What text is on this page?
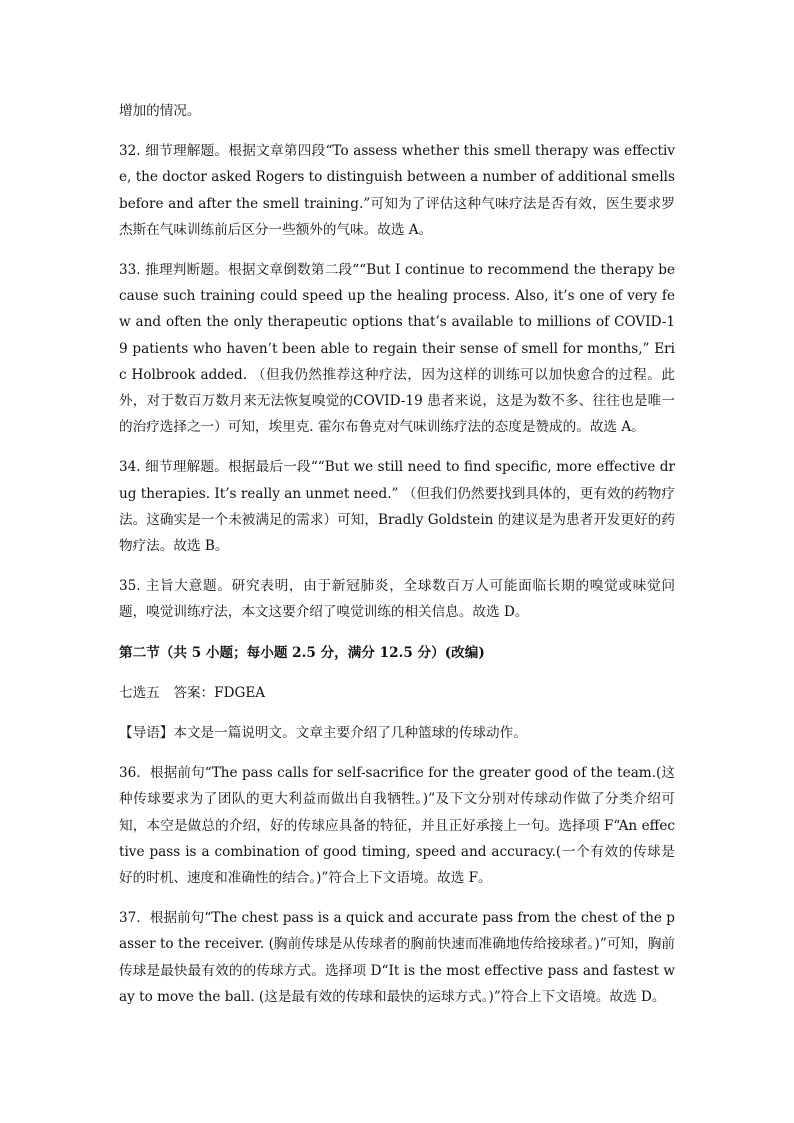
增加的情况。

32. 细节理解题。根据文章第四段“To assess whether this smell therapy was effective, the doctor asked Rogers to distinguish between a number of additional smells before and after the smell training.”可知为了评估这种气味疗法是否有效，医生要求罗杰斯在气味训练前后区分一些额外的气味。故选 A。

33. 推理判断题。根据文章倒数第二段““But I continue to recommend the therapy because such training could speed up the healing process. Also, it’s one of very few and often the only therapeutic options that’s available to millions of COVID-19 patients who haven’t been able to regain their sense of smell for months,” Eric Holbrook added. （但我仍然推荐这种疗法，因为这样的训练可以加快愈合的过程。此外，对于数百万数月来无法恢复嗅觉的COVID-19 患者来说，这是为数不多、往往也是唯一的治疗选择之一）可知，埃里克. 霍尔布鲁克对气味训练疗法的态度是赞成的。故选 A。

34. 细节理解题。根据最后一段““But we still need to find specific, more effective drug therapies. It’s really an unmet need.” （但我们仍然要找到具体的，更有效的药物疗法。这确实是一个未被满足的需求）可知，Bradly Goldstein 的建议是为患者开发更好的药物疗法。故选 B。

35. 主旨大意题。研究表明，由于新冠肺炎，全球数百万人可能面临长期的嗅觉或味觉问题，嗅觉训练疗法，本文这要介绍了嗅觉训练的相关信息。故选 D。

第二节（共 5 小题；每小题 2.5 分，满分 12.5 分）(改编)

七选五　答案：FDGEA

【导语】本文是一篇说明文。文章主要介绍了几种篮球的传球动作。

36．根据前句“The pass calls for self-sacrifice for the greater good of the team.(这种传球要求为了团队的更大利益而做出自我牺牲。)”及下文分别对传球动作做了分类介绍可知，本空是做总的介绍，好的传球应具备的特征，并且正好承接上一句。选择项 F“An effective pass is a combination of good timing, speed and accuracy.(一个有效的传球是好的时机、速度和准确性的结合。)”符合上下文语境。故选 F。

37．根据前句“The chest pass is a quick and accurate pass from the chest of the passer to the receiver. (胸前传球是从传球者的胸前快速而准确地传给接球者。)”可知，胸前传球是最快最有效的的传球方式。选择项 D“It is the most effective pass and fastest way to move the ball. (这是最有效的传球和最快的运球方式。)”符合上下文语境。故选 D。
